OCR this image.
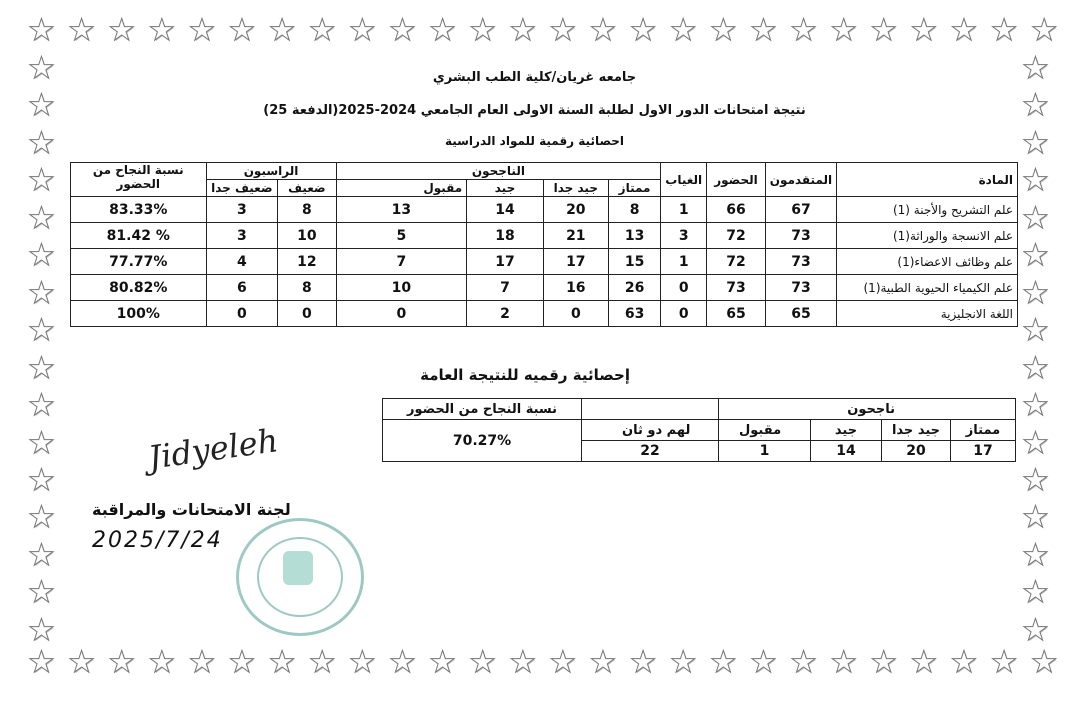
★ ★ ★ ★ ★ ★ ★ ★ ★ ★ ★ ★ ★ ★ ★ ★ ★ ★ ★ ★ ★ ★ ★ ★ ★ ★
★ ★ ★ ★ ★ ★ ★ ★ ★ ★ ★ ★ ★ ★ ★ ★ ★ ★ ★ ★ ★ ★ ★ ★ ★ ★
★
★
★
★
★
★
★
★
★
★
★
★
★
★
★
★
★
★
★
★
★
★
★
★
★
★
★
★
★
★
★
★
جامعه غريان/كلية الطب البشري
نتيجة امتحانات الدور الاول لطلبة السنة الاولى العام الجامعي 2024-2025(الدفعة 25)
احصائية رقمية للمواد الدراسية
المادة	المتقدمون	الحضور	الغياب	الناجحون				الراسبون		نسبة النجاح من الحضور
				ممتاز	جيد جدا	جيد	مقبول	ضعيف	ضعيف جدا	
علم التشريح والأجنة (1)	67	66	1	8	20	14	13	8	3	83.33%
علم الانسجة والوراثة(1)	73	72	3	13	21	18	5	10	3	81.42 %
علم وظائف الاعضاء(1)	73	72	1	15	17	17	7	12	4	77.77%
علم الكيمياء الحيوية الطبية(1)	73	73	0	26	16	7	10	8	6	80.82%
اللغة الانجليزية	65	65	0	63	0	2	0	0	0	100%
إحصائية رقميه للنتيجة العامة
ناجحون					نسبة النجاح من الحضور
ممتاز	جيد جدا	جيد	مقبول	لهم دو ثان	70.27%
17	20	14	1	22	
Jidyeleh
لجنة الامتحانات والمراقبة
2025/7/24
